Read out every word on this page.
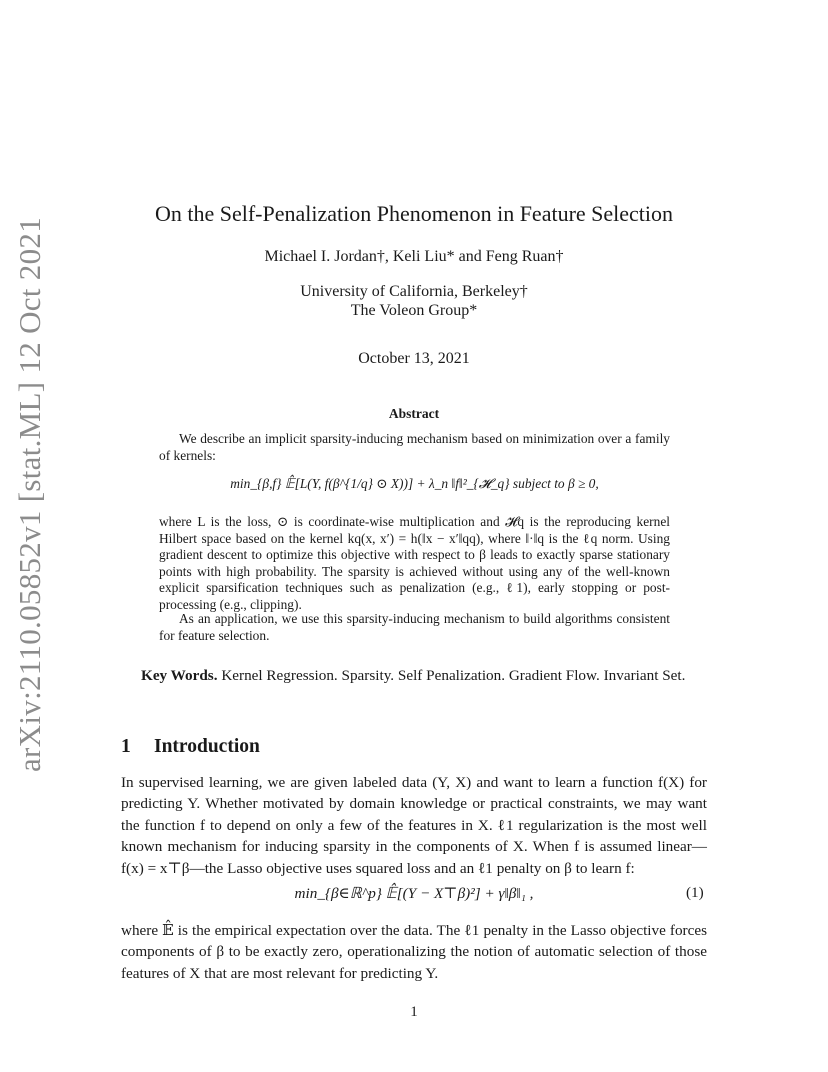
arXiv:2110.05852v1 [stat.ML] 12 Oct 2021
On the Self-Penalization Phenomenon in Feature Selection
Michael I. Jordan†, Keli Liu* and Feng Ruan†
University of California, Berkeley†
The Voleon Group*
October 13, 2021
Abstract
We describe an implicit sparsity-inducing mechanism based on minimization over a family of kernels:
min_{β,f} 𝔼̂[L(Y, f(β^{1/q} ⊙ X))] + λ_n ‖f‖²_{𝓗_q} subject to β ≥ 0,
where L is the loss, ⊙ is coordinate-wise multiplication and 𝓗q is the reproducing kernel Hilbert space based on the kernel kq(x, x′) = h(‖x − x′‖qq), where ‖·‖q is the ℓq norm. Using gradient descent to optimize this objective with respect to β leads to exactly sparse stationary points with high probability. The sparsity is achieved without using any of the well-known explicit sparsification techniques such as penalization (e.g., ℓ1), early stopping or post-processing (e.g., clipping).
As an application, we use this sparsity-inducing mechanism to build algorithms consistent for feature selection.
Key Words. Kernel Regression. Sparsity. Self Penalization. Gradient Flow. Invariant Set.
1 Introduction
In supervised learning, we are given labeled data (Y, X) and want to learn a function f(X) for predicting Y. Whether motivated by domain knowledge or practical constraints, we may want the function f to depend on only a few of the features in X. ℓ1 regularization is the most well known mechanism for inducing sparsity in the components of X. When f is assumed linear—f(x) = x⊤β—the Lasso objective uses squared loss and an ℓ1 penalty on β to learn f:
min_{β∈ℝ^p} 𝔼̂[(Y − X⊤β)²] + γ‖β‖₁ ,	(1)
where 𝔼̂ is the empirical expectation over the data. The ℓ1 penalty in the Lasso objective forces components of β to be exactly zero, operationalizing the notion of automatic selection of those features of X that are most relevant for predicting Y.
1
